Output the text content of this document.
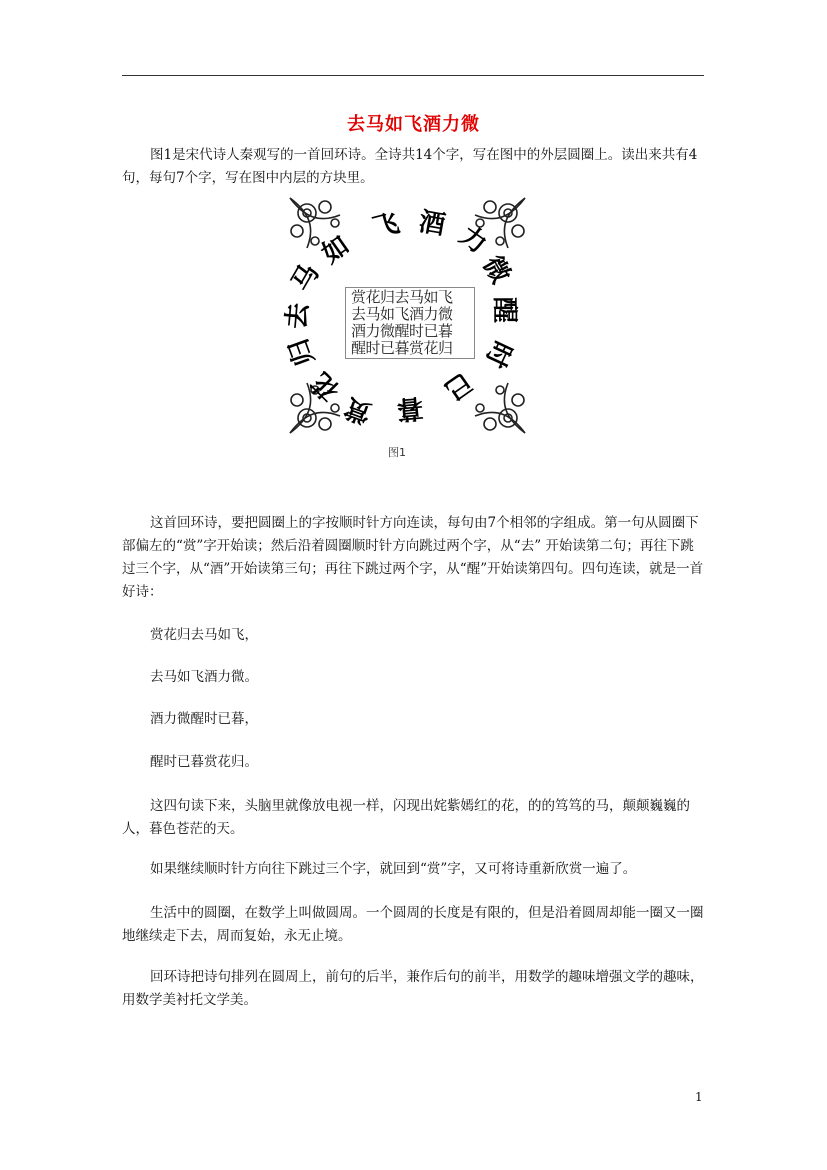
去马如飞酒力微

图1是宋代诗人秦观写的一首回环诗。全诗共14个字，写在图中的外层圆圈上。读出来共有4句，每句7个字，写在图中内层的方块里。

赏
花
归
去
马
如
飞 酒 力
微
醒
时
已
暮
赏花归去马如飞
去马如飞酒力微
酒力微醒时已暮
醒时已暮赏花归
图1

这首回环诗，要把圆圈上的字按顺时针方向连读，每句由7个相邻的字组成。第一句从圆圈下部偏左的“赏”字开始读；然后沿着圆圈顺时针方向跳过两个字，从“去” 开始读第二句；再往下跳过三个字，从“酒”开始读第三句；再往下跳过两个字，从“醒”开始读第四句。四句连读，就是一首好诗：

赏花归去马如飞，

去马如飞酒力微。

酒力微醒时已暮，

醒时已暮赏花归。

这四句读下来，头脑里就像放电视一样，闪现出姹紫嫣红的花，的的笃笃的马，颠颠巍巍的人，暮色苍茫的天。

如果继续顺时针方向往下跳过三个字，就回到“赏”字，又可将诗重新欣赏一遍了。

生活中的圆圈，在数学上叫做圆周。一个圆周的长度是有限的，但是沿着圆周却能一圈又一圈地继续走下去，周而复始，永无止境。

回环诗把诗句排列在圆周上，前句的后半，兼作后句的前半，用数学的趣味增强文学的趣味，用数学美衬托文学美。

1
